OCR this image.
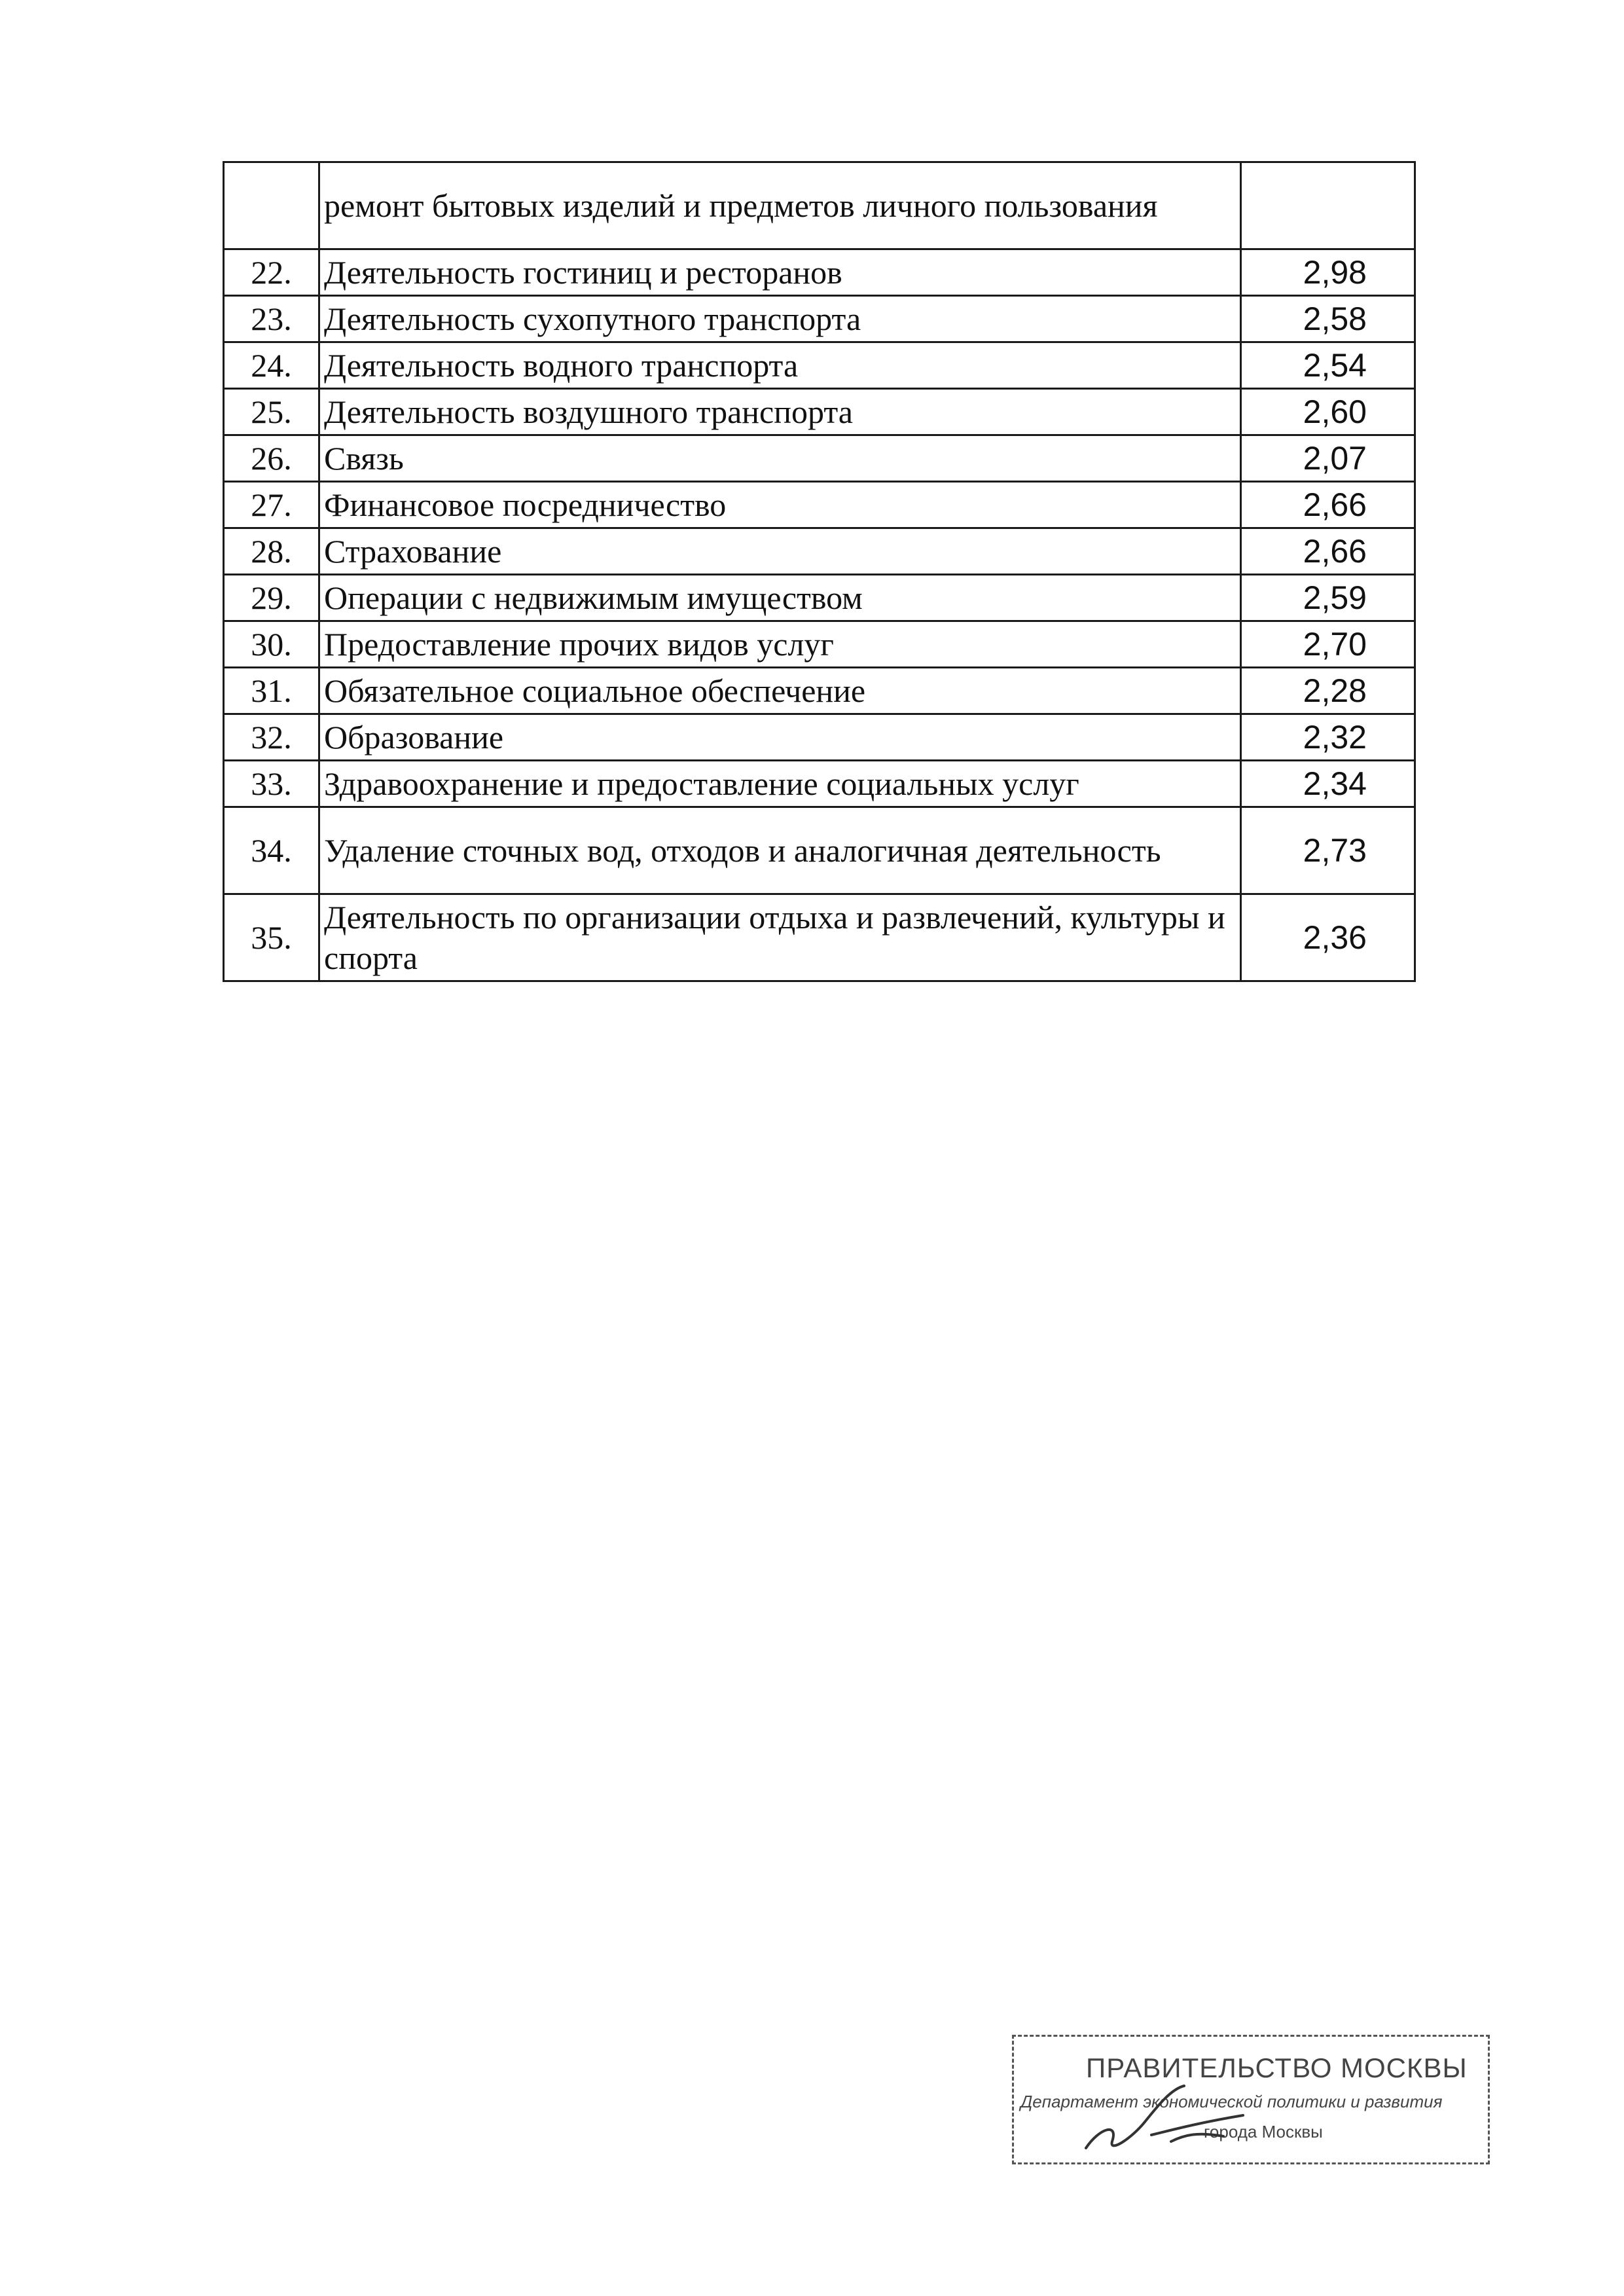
	ремонт бытовых изделий и предметов личного пользования	
22.	Деятельность гостиниц и ресторанов	2,98
23.	Деятельность сухопутного транспорта	2,58
24.	Деятельность водного транспорта	2,54
25.	Деятельность воздушного транспорта	2,60
26.	Связь	2,07
27.	Финансовое посредничество	2,66
28.	Страхование	2,66
29.	Операции с недвижимым имуществом	2,59
30.	Предоставление прочих видов услуг	2,70
31.	Обязательное социальное обеспечение	2,28
32.	Образование	2,32
33.	Здравоохранение и предоставление социальных услуг	2,34
34.	Удаление сточных вод, отходов и аналогичная деятельность	2,73
35.	Деятельность по организации отдыха и развлечений, культуры и спорта	2,36
ПРАВИТЕЛЬСТВО МОСКВЫ
Департамент экономической политики и развития
города Москвы
